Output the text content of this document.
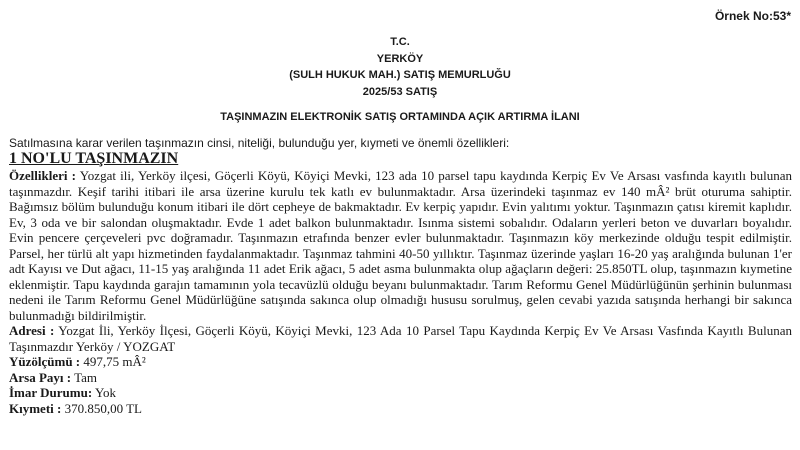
Örnek No:53*
T.C.
YERKÖY
(SULH HUKUK MAH.) SATIŞ MEMURLUĞU
2025/53 SATIŞ
TAŞINMAZIN ELEKTRONİK SATIŞ ORTAMINDA AÇIK ARTIRMA İLANI
Satılmasına karar verilen taşınmazın cinsi, niteliği, bulunduğu yer, kıymeti ve önemli özellikleri:
1 NO'LU TAŞINMAZIN

Özellikleri : Yozgat ili, Yerköy ilçesi, Göçerli Köyü, Köyiçi Mevki, 123 ada 10 parsel tapu kaydında Kerpiç Ev Ve Arsası vasfında kayıtlı bulunan taşınmazdır. Keşif tarihi itibari ile arsa üzerine kurulu tek katlı ev bulunmaktadır. Arsa üzerindeki taşınmaz ev 140 mÂ² brüt oturuma sahiptir. Bağımsız bölüm bulunduğu konum itibari ile dört cepheye de bakmaktadır. Ev kerpiç yapıdır. Evin yalıtımı yoktur. Taşınmazın çatısı kiremit kaplıdır. Ev, 3 oda ve bir salondan oluşmaktadır. Evde 1 adet balkon bulunmaktadır. Isınma sistemi sobalıdır. Odaların yerleri beton ve duvarları boyalıdır. Evin pencere çerçeveleri pvc doğramadır. Taşınmazın etrafında benzer evler bulunmaktadır. Taşınmazın köy merkezinde olduğu tespit edilmiştir. Parsel, her türlü alt yapı hizmetinden faydalanmaktadır. Taşınmaz tahmini 40-50 yıllıktır. Taşınmaz üzerinde yaşları 16-20 yaş aralığında bulunan 1'er adt Kayısı ve Dut ağacı, 11-15 yaş aralığında 11 adet Erik ağacı, 5 adet asma bulunmakta olup ağaçların değeri: 25.850TL olup, taşınmazın kıymetine eklenmiştir. Tapu kaydında garajın tamamının yola tecavüzlü olduğu beyanı bulunmaktadır. Tarım Reformu Genel Müdürlüğünün şerhinin bulunması nedeni ile Tarım Reformu Genel Müdürlüğüne satışında sakınca olup olmadığı hususu sorulmuş, gelen cevabi yazıda satışında herhangi bir sakınca bulunmadığı bildirilmiştir.

Adresi : Yozgat İli, Yerköy İlçesi, Göçerli Köyü, Köyiçi Mevki, 123 Ada 10 Parsel Tapu Kaydında Kerpiç Ev Ve Arsası Vasfında Kayıtlı Bulunan Taşınmazdır Yerköy / YOZGAT

Yüzölçümü : 497,75 mÂ²

Arsa Payı : Tam

İmar Durumu: Yok

Kıymeti : 370.850,00 TL
